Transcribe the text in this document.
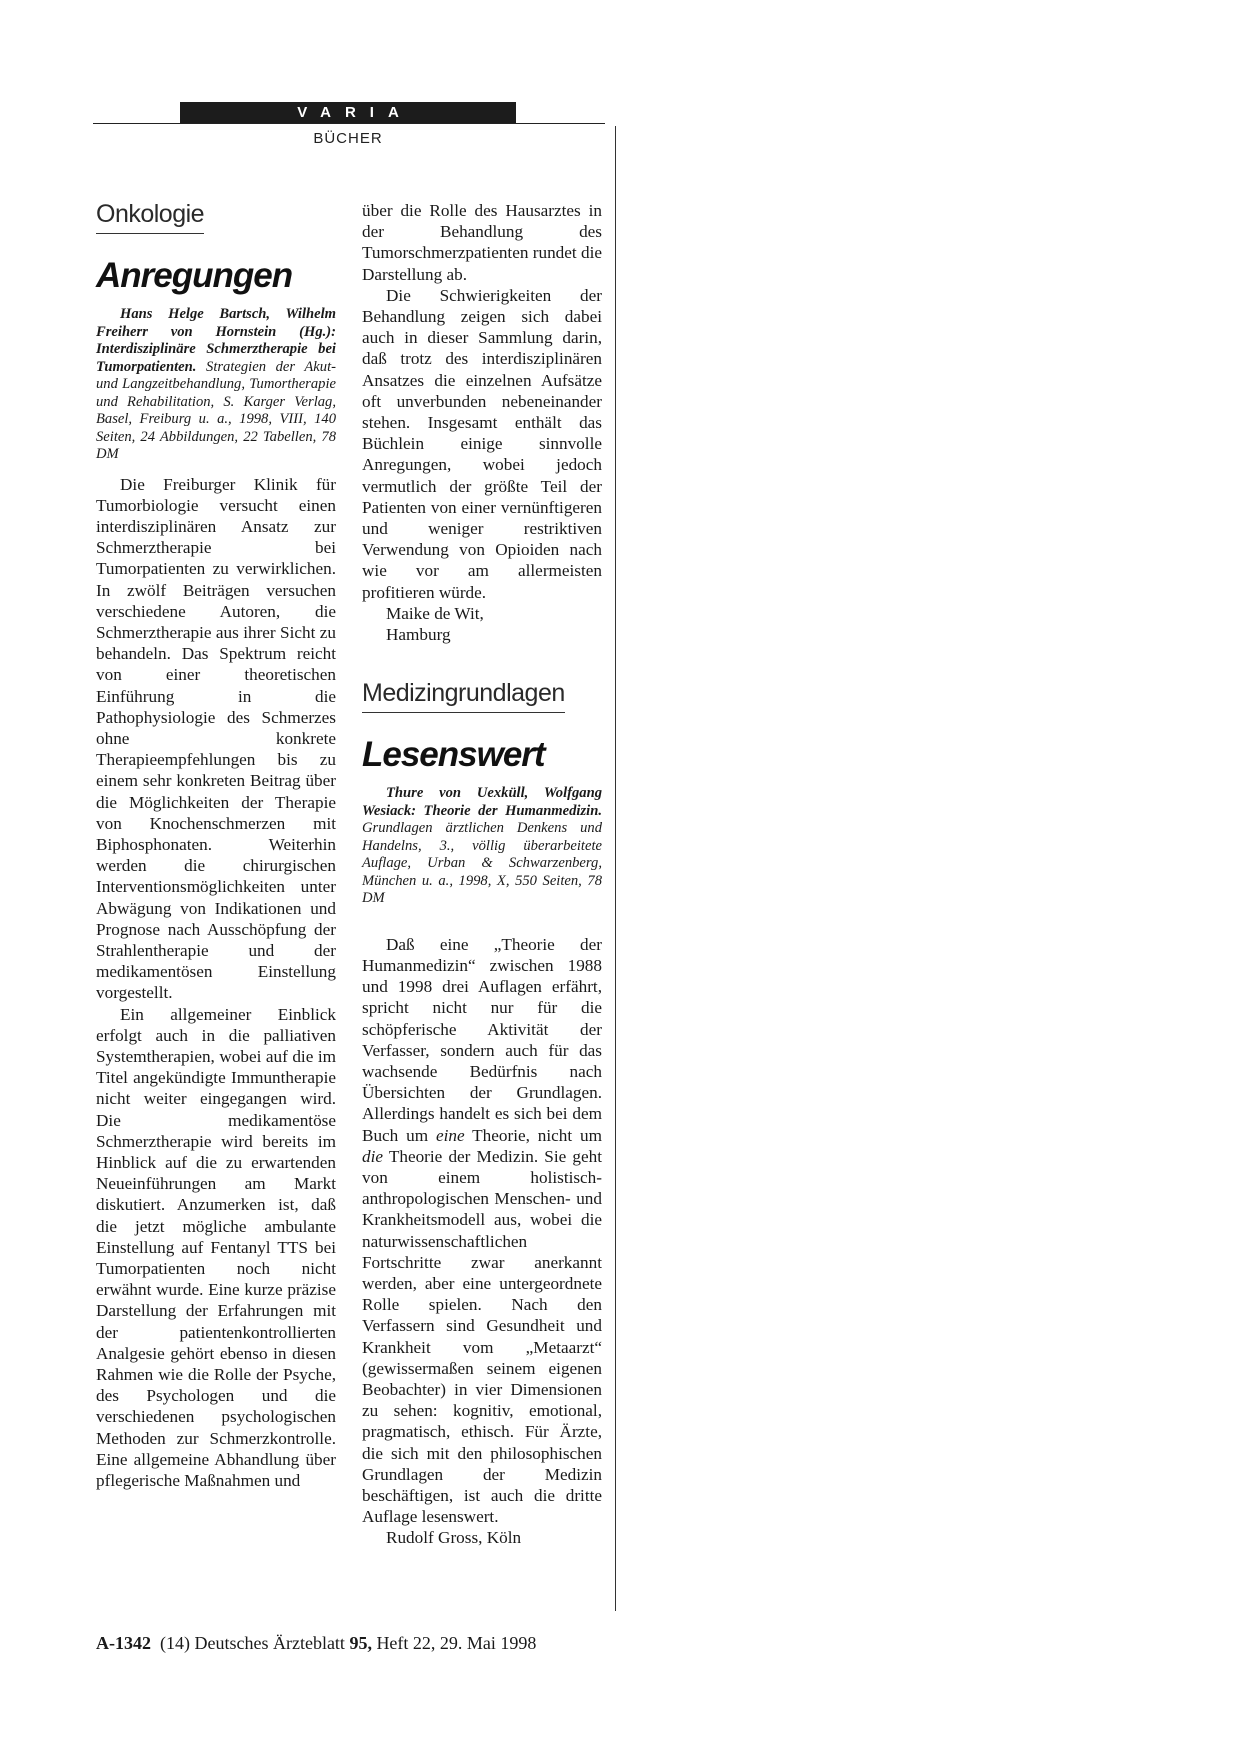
VARIA
BÜCHER
Onkologie
Anregungen

Hans Helge Bartsch, Wilhelm Freiherr von Hornstein (Hg.): Interdisziplinäre Schmerztherapie bei Tumorpatienten. Strategien der Akut- und Langzeitbehandlung, Tumortherapie und Rehabilitation, S. Karger Verlag, Basel, Freiburg u. a., 1998, VIII, 140 Seiten, 24 Abbildungen, 22 Tabellen, 78 DM

Die Freiburger Klinik für Tumorbiologie versucht einen interdisziplinären Ansatz zur Schmerztherapie bei Tumorpatienten zu verwirklichen. In zwölf Beiträgen versuchen verschiedene Autoren, die Schmerztherapie aus ihrer Sicht zu behandeln. Das Spektrum reicht von einer theoretischen Einführung in die Pathophysiologie des Schmerzes ohne konkrete Therapieempfehlungen bis zu einem sehr konkreten Beitrag über die Möglichkeiten der Therapie von Knochenschmerzen mit Biphosphonaten. Weiterhin werden die chirurgischen Interventionsmöglichkeiten unter Abwägung von Indikationen und Prognose nach Ausschöpfung der Strahlentherapie und der medikamentösen Einstellung vorgestellt.

Ein allgemeiner Einblick erfolgt auch in die palliativen Systemtherapien, wobei auf die im Titel angekündigte Immuntherapie nicht weiter eingegangen wird. Die medikamentöse Schmerztherapie wird bereits im Hinblick auf die zu erwartenden Neueinführungen am Markt diskutiert. Anzumerken ist, daß die jetzt mögliche ambulante Einstellung auf Fentanyl TTS bei Tumorpatienten noch nicht erwähnt wurde. Eine kurze präzise Darstellung der Erfahrungen mit der patientenkontrollierten Analgesie gehört ebenso in diesen Rahmen wie die Rolle der Psyche, des Psychologen und die verschiedenen psychologischen Methoden zur Schmerzkontrolle. Eine allgemeine Abhandlung über pflegerische Maßnahmen und

über die Rolle des Hausarztes in der Behandlung des Tumorschmerzpatienten rundet die Darstellung ab.

Die Schwierigkeiten der Behandlung zeigen sich dabei auch in dieser Sammlung darin, daß trotz des interdisziplinären Ansatzes die einzelnen Aufsätze oft unverbunden nebeneinander stehen. Insgesamt enthält das Büchlein einige sinnvolle Anregungen, wobei jedoch vermutlich der größte Teil der Patienten von einer vernünftigeren und weniger restriktiven Verwendung von Opioiden nach wie vor am allermeisten profitieren würde.

Maike de Wit,

Hamburg

Medizingrundlagen
Lesenswert

Thure von Uexküll, Wolfgang Wesiack: Theorie der Humanmedizin. Grundlagen ärztlichen Denkens und Handelns, 3., völlig überarbeitete Auflage, Urban & Schwarzenberg, München u. a., 1998, X, 550 Seiten, 78 DM

Daß eine „Theorie der Humanmedizin“ zwischen 1988 und 1998 drei Auflagen erfährt, spricht nicht nur für die schöpferische Aktivität der Verfasser, sondern auch für das wachsende Bedürfnis nach Übersichten der Grundlagen. Allerdings handelt es sich bei dem Buch um eine Theorie, nicht um die Theorie der Medizin. Sie geht von einem holistisch-anthropologischen Menschen- und Krankheitsmodell aus, wobei die naturwissenschaftlichen Fortschritte zwar anerkannt werden, aber eine untergeordnete Rolle spielen. Nach den Verfassern sind Gesundheit und Krankheit vom „Metaarzt“ (gewissermaßen seinem eigenen Beobachter) in vier Dimensionen zu sehen: kognitiv, emotional, pragmatisch, ethisch. Für Ärzte, die sich mit den philosophischen Grundlagen der Medizin beschäftigen, ist auch die dritte Auflage lesenswert.

Rudolf Gross, Köln

A-1342  (14) Deutsches Ärzteblatt 95, Heft 22, 29. Mai 1998
